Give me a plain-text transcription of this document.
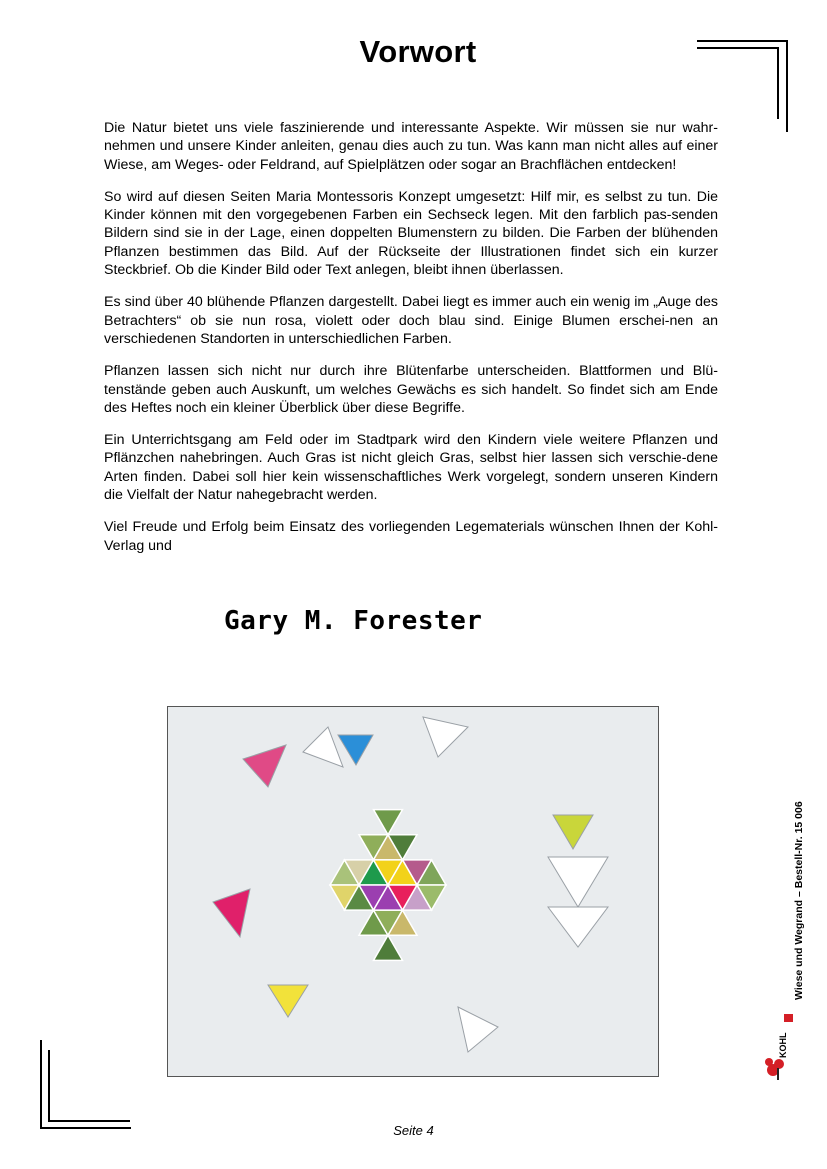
Vorwort

Die Natur bietet uns viele faszinierende und interessante Aspekte. Wir müssen sie nur wahr-nehmen und unsere Kinder anleiten, genau dies auch zu tun. Was kann man nicht alles auf einer Wiese, am Weges- oder Feldrand, auf Spielplätzen oder sogar an Brachflächen entdecken!

So wird auf diesen Seiten Maria Montessoris Konzept umgesetzt: Hilf mir, es selbst zu tun. Die Kinder können mit den vorgegebenen Farben ein Sechseck legen. Mit den farblich pas-senden Bildern sind sie in der Lage, einen doppelten Blumenstern zu bilden. Die Farben der blühenden Pflanzen bestimmen das Bild. Auf der Rückseite der Illustrationen findet sich ein kurzer Steckbrief. Ob die Kinder Bild oder Text anlegen, bleibt ihnen überlassen.

Es sind über 40 blühende Pflanzen dargestellt. Dabei liegt es immer auch ein wenig im „Auge des Betrachters“ ob sie nun rosa, violett oder doch blau sind. Einige Blumen erschei-nen an verschiedenen Standorten in unterschiedlichen Farben.

Pflanzen lassen sich nicht nur durch ihre Blütenfarbe unterscheiden. Blattformen und Blü-tenstände geben auch Auskunft, um welches Gewächs es sich handelt. So findet sich am Ende des Heftes noch ein kleiner Überblick über diese Begriffe.

Ein Unterrichtsgang am Feld oder im Stadtpark wird den Kindern viele weitere Pflanzen und Pflänzchen nahebringen. Auch Gras ist nicht gleich Gras, selbst hier lassen sich verschie-dene Arten finden. Dabei soll hier kein wissenschaftliches Werk vorgelegt, sondern unseren Kindern die Vielfalt der Natur nahegebracht werden.

Viel Freude und Erfolg beim Einsatz des vorliegenden Legematerials wünschen Ihnen der Kohl-Verlag und

Gary M. Forester
Wiese und Wegrand – Bestell-Nr. 15 006
KOHL
Seite 4
